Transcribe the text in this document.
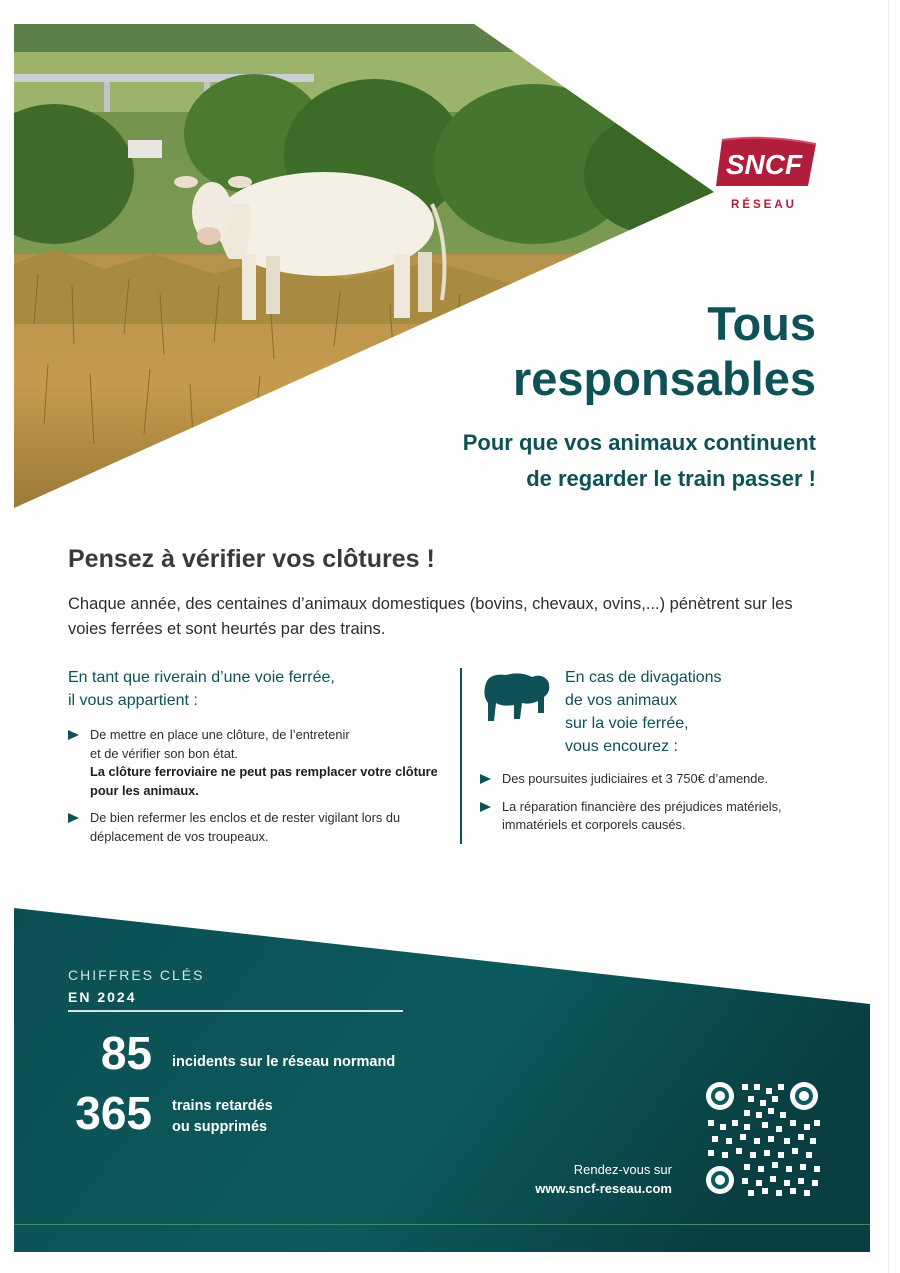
SNCF
RÉSEAU
Tous
responsables
Pour que vos animaux continuent
de regarder le train passer !
Pensez à vérifier vos clôtures !
Chaque année, des centaines d’animaux domestiques (bovins, chevaux, ovins,...) pénètrent sur les voies ferrées et sont heurtés par des trains.
En tant que riverain d’une voie ferrée,
il vous appartient :
De mettre en place une clôture, de l’entretenir
et de vérifier son bon état.
La clôture ferroviaire ne peut pas remplacer votre clôture pour les animaux.
De bien refermer les enclos et de rester vigilant lors du déplacement de vos troupeaux.
En cas de divagations
de vos animaux
sur la voie ferrée,
vous encourez :
Des poursuites judiciaires et 3 750€ d’amende.
La réparation financière des préjudices matériels, immatériels et corporels causés.
CHIFFRES CLÉS
EN 2024
85 incidents sur le réseau normand
365 trains retardés
ou supprimés
Rendez-vous sur
www.sncf-reseau.com
